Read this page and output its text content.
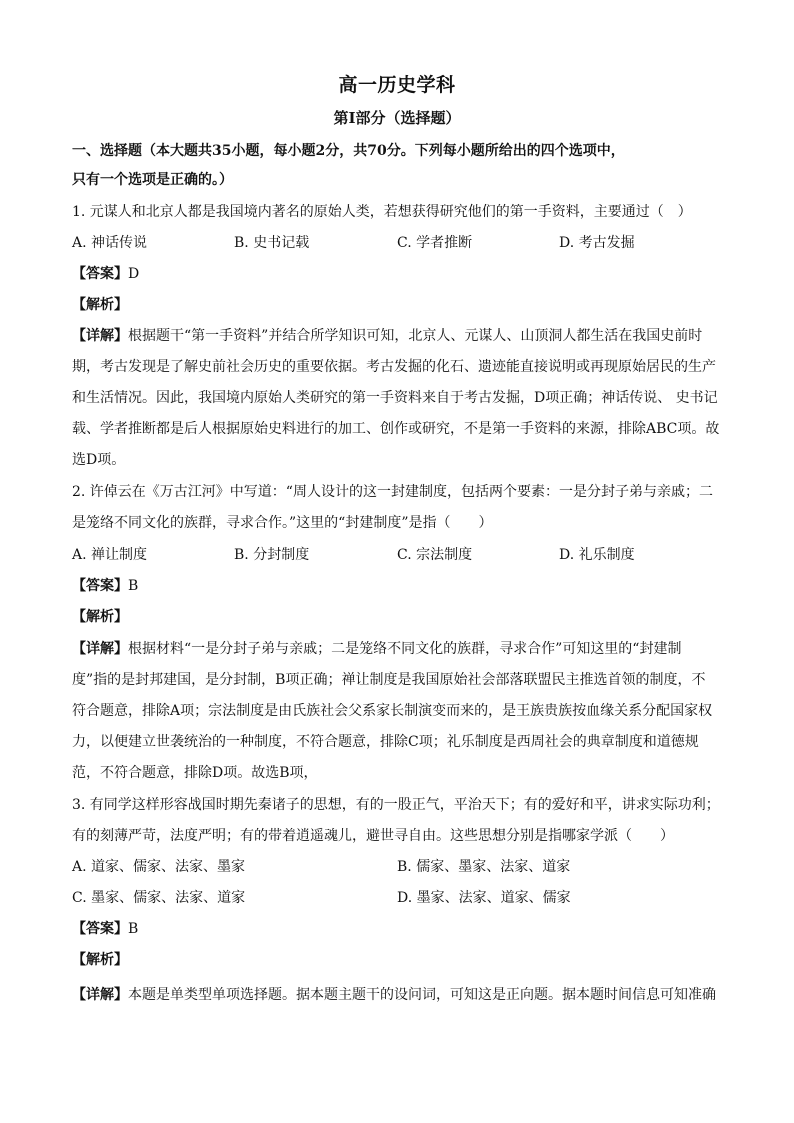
高一历史学科
第Ⅰ部分（选择题）
一、选择题（本大题共35小题，每小题2分，共70分。下列每小题所给出的四个选项中，
只有一个选项是正确的。）
1. 元谋人和北京人都是我国境内著名的原始人类，若想获得研究他们的第一手资料，主要通过（　）
A. 神话传说	B. 史书记载	C. 学者推断	D. 考古发掘
【答案】D
【解析】
【详解】根据题干“第一手资料”并结合所学知识可知，北京人、元谋人、山顶洞人都生活在我国史前时
期，考古发现是了解史前社会历史的重要依据。考古发掘的化石、遗迹能直接说明或再现原始居民的生产
和生活情况。因此，我国境内原始人类研究的第一手资料来自于考古发掘，D项正确；神话传说、 史书记
载、学者推断都是后人根据原始史料进行的加工、创作或研究，不是第一手资料的来源，排除ABC项。故
选D项。
2. 许倬云在《万古江河》中写道：“周人设计的这一封建制度，包括两个要素：一是分封子弟与亲戚；二
是笼络不同文化的族群，寻求合作。”这里的“封建制度”是指（　　）
A. 禅让制度	B. 分封制度	C. 宗法制度	D. 礼乐制度
【答案】B
【解析】
【详解】根据材料“一是分封子弟与亲戚；二是笼络不同文化的族群，寻求合作”可知这里的“封建制
度”指的是封邦建国，是分封制，B项正确；禅让制度是我国原始社会部落联盟民主推选首领的制度，不
符合题意，排除A项；宗法制度是由氏族社会父系家长制演变而来的，是王族贵族按血缘关系分配国家权
力，以便建立世袭统治的一种制度，不符合题意，排除C项；礼乐制度是西周社会的典章制度和道德规
范，不符合题意，排除D项。故选B项，
3. 有同学这样形容战国时期先秦诸子的思想，有的一股正气，平治天下；有的爱好和平，讲求实际功利；
有的刻薄严苛，法度严明；有的带着逍遥魂儿，避世寻自由。这些思想分别是指哪家学派（　　）
A. 道家、儒家、法家、墨家	B. 儒家、墨家、法家、道家
C. 墨家、儒家、法家、道家	D. 墨家、法家、道家、儒家
【答案】B
【解析】
【详解】本题是单类型单项选择题。据本题主题干的设问词，可知这是正向题。据本题时间信息可知准确
